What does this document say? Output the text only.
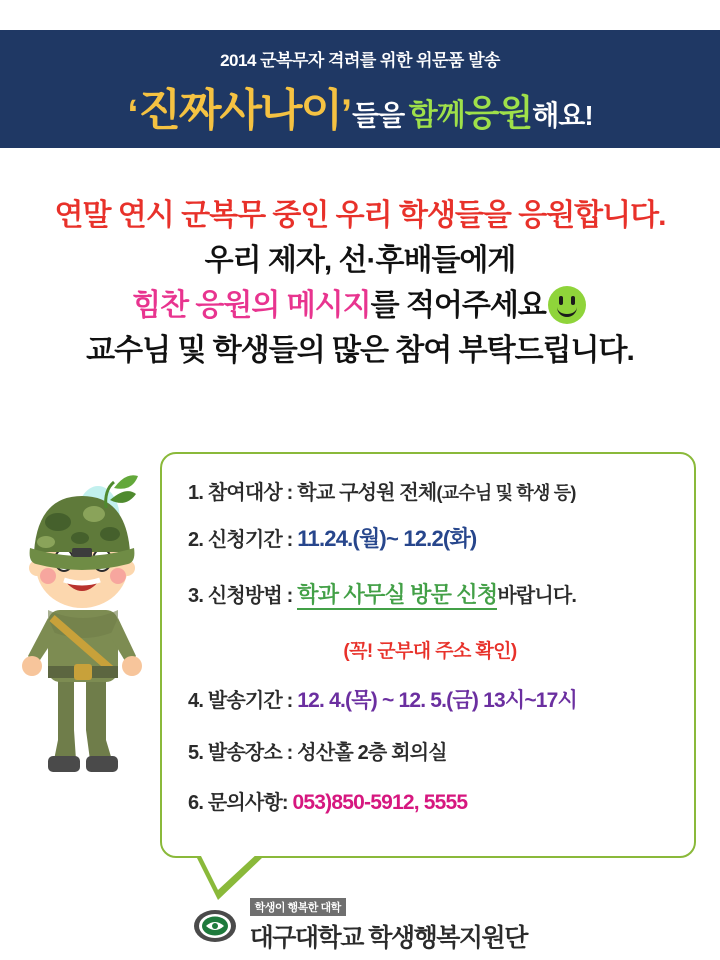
2014 군복무자 격려를 위한 위문품 발송
‘진짜사나이’들을 함께응원해요!
연말 연시 군복무 중인 우리 학생들을 응원합니다.
우리 제자, 선·후배들에게
힘찬 응원의 메시지를 적어주세요
교수님 및 학생들의 많은 참여 부탁드립니다.
1. 참여대상 : 학교 구성원 전체(교수님 및 학생 등)
2. 신청기간 : 11.24.(월)~ 12.2(화)
3. 신청방법 : 학과 사무실 방문 신청바랍니다.
(꼭! 군부대 주소 확인)
4. 발송기간 : 12. 4.(목) ~ 12. 5.(금) 13시~17시
5. 발송장소 : 성산홀 2층 회의실
6. 문의사항: 053)850-5912, 5555

학생이 행복한 대학
대구대학교 학생행복지원단
